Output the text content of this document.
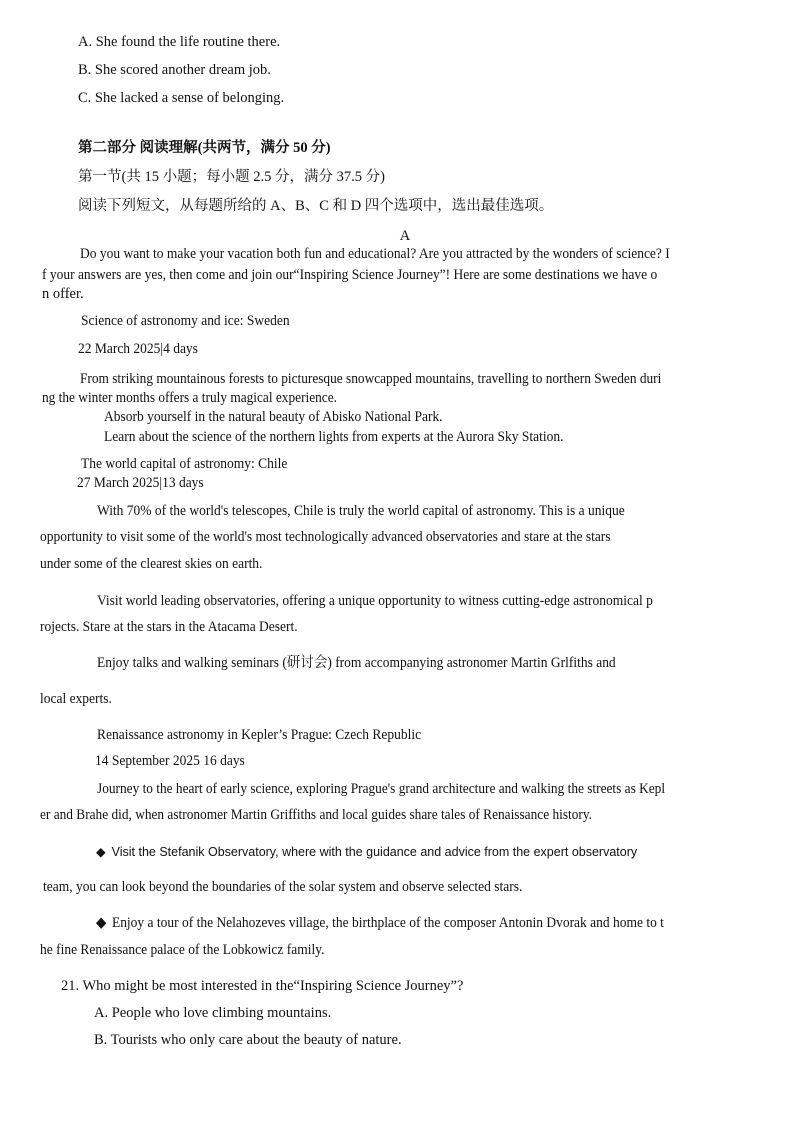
A. She found the life routine there.
B. She scored another dream job.
C. She lacked a sense of belonging.
第二部分 阅读理解(共两节，满分 50 分)
第一节(共 15 小题；每小题 2.5 分，满分 37.5 分)
阅读下列短文，从每题所给的 A、B、C 和 D 四个选项中，选出最佳选项。
A
Do you want to make your vacation both fun and educational? Are you attracted by the wonders of science? I
f your answers are yes, then come and join our“Inspiring Science Journey”! Here are some destinations we have o
n offer.
Science of astronomy and ice: Sweden
22 March 2025|4 days
From striking mountainous forests to picturesque snowcapped mountains, travelling to northern Sweden duri
ng the winter months offers a truly magical experience.
Absorb yourself in the natural beauty of Abisko National Park.
Learn about the science of the northern lights from experts at the Aurora Sky Station.
The world capital of astronomy: Chile
27 March 2025|13 days
With 70% of the world's telescopes, Chile is truly the world capital of astronomy. This is a unique
opportunity to visit some of the world's most technologically advanced observatories and stare at the stars
under some of the clearest skies on earth.
Visit world leading observatories, offering a unique opportunity to witness cutting-edge astronomical p
rojects. Stare at the stars in the Atacama Desert.
Enjoy talks and walking seminars (研讨会) from accompanying astronomer Martin Grlfiths and
local experts.
Renaissance astronomy in Kepler’s Prague: Czech Republic
14 September 2025 16 days
Journey to the heart of early science, exploring Prague's grand architecture and walking the streets as Kepl
er and Brahe did, when astronomer Martin Griffiths and local guides share tales of Renaissance history.
◆ Visit the Stefanik Observatory, where with the guidance and advice from the expert observatory
team, you can look beyond the boundaries of the solar system and observe selected stars.
◆ Enjoy a tour of the Nelahozeves village, the birthplace of the composer Antonin Dvorak and home to t
he fine Renaissance palace of the Lobkowicz family.
21. Who might be most interested in the“Inspiring Science Journey”?
A. People who love climbing mountains.
B. Tourists who only care about the beauty of nature.
